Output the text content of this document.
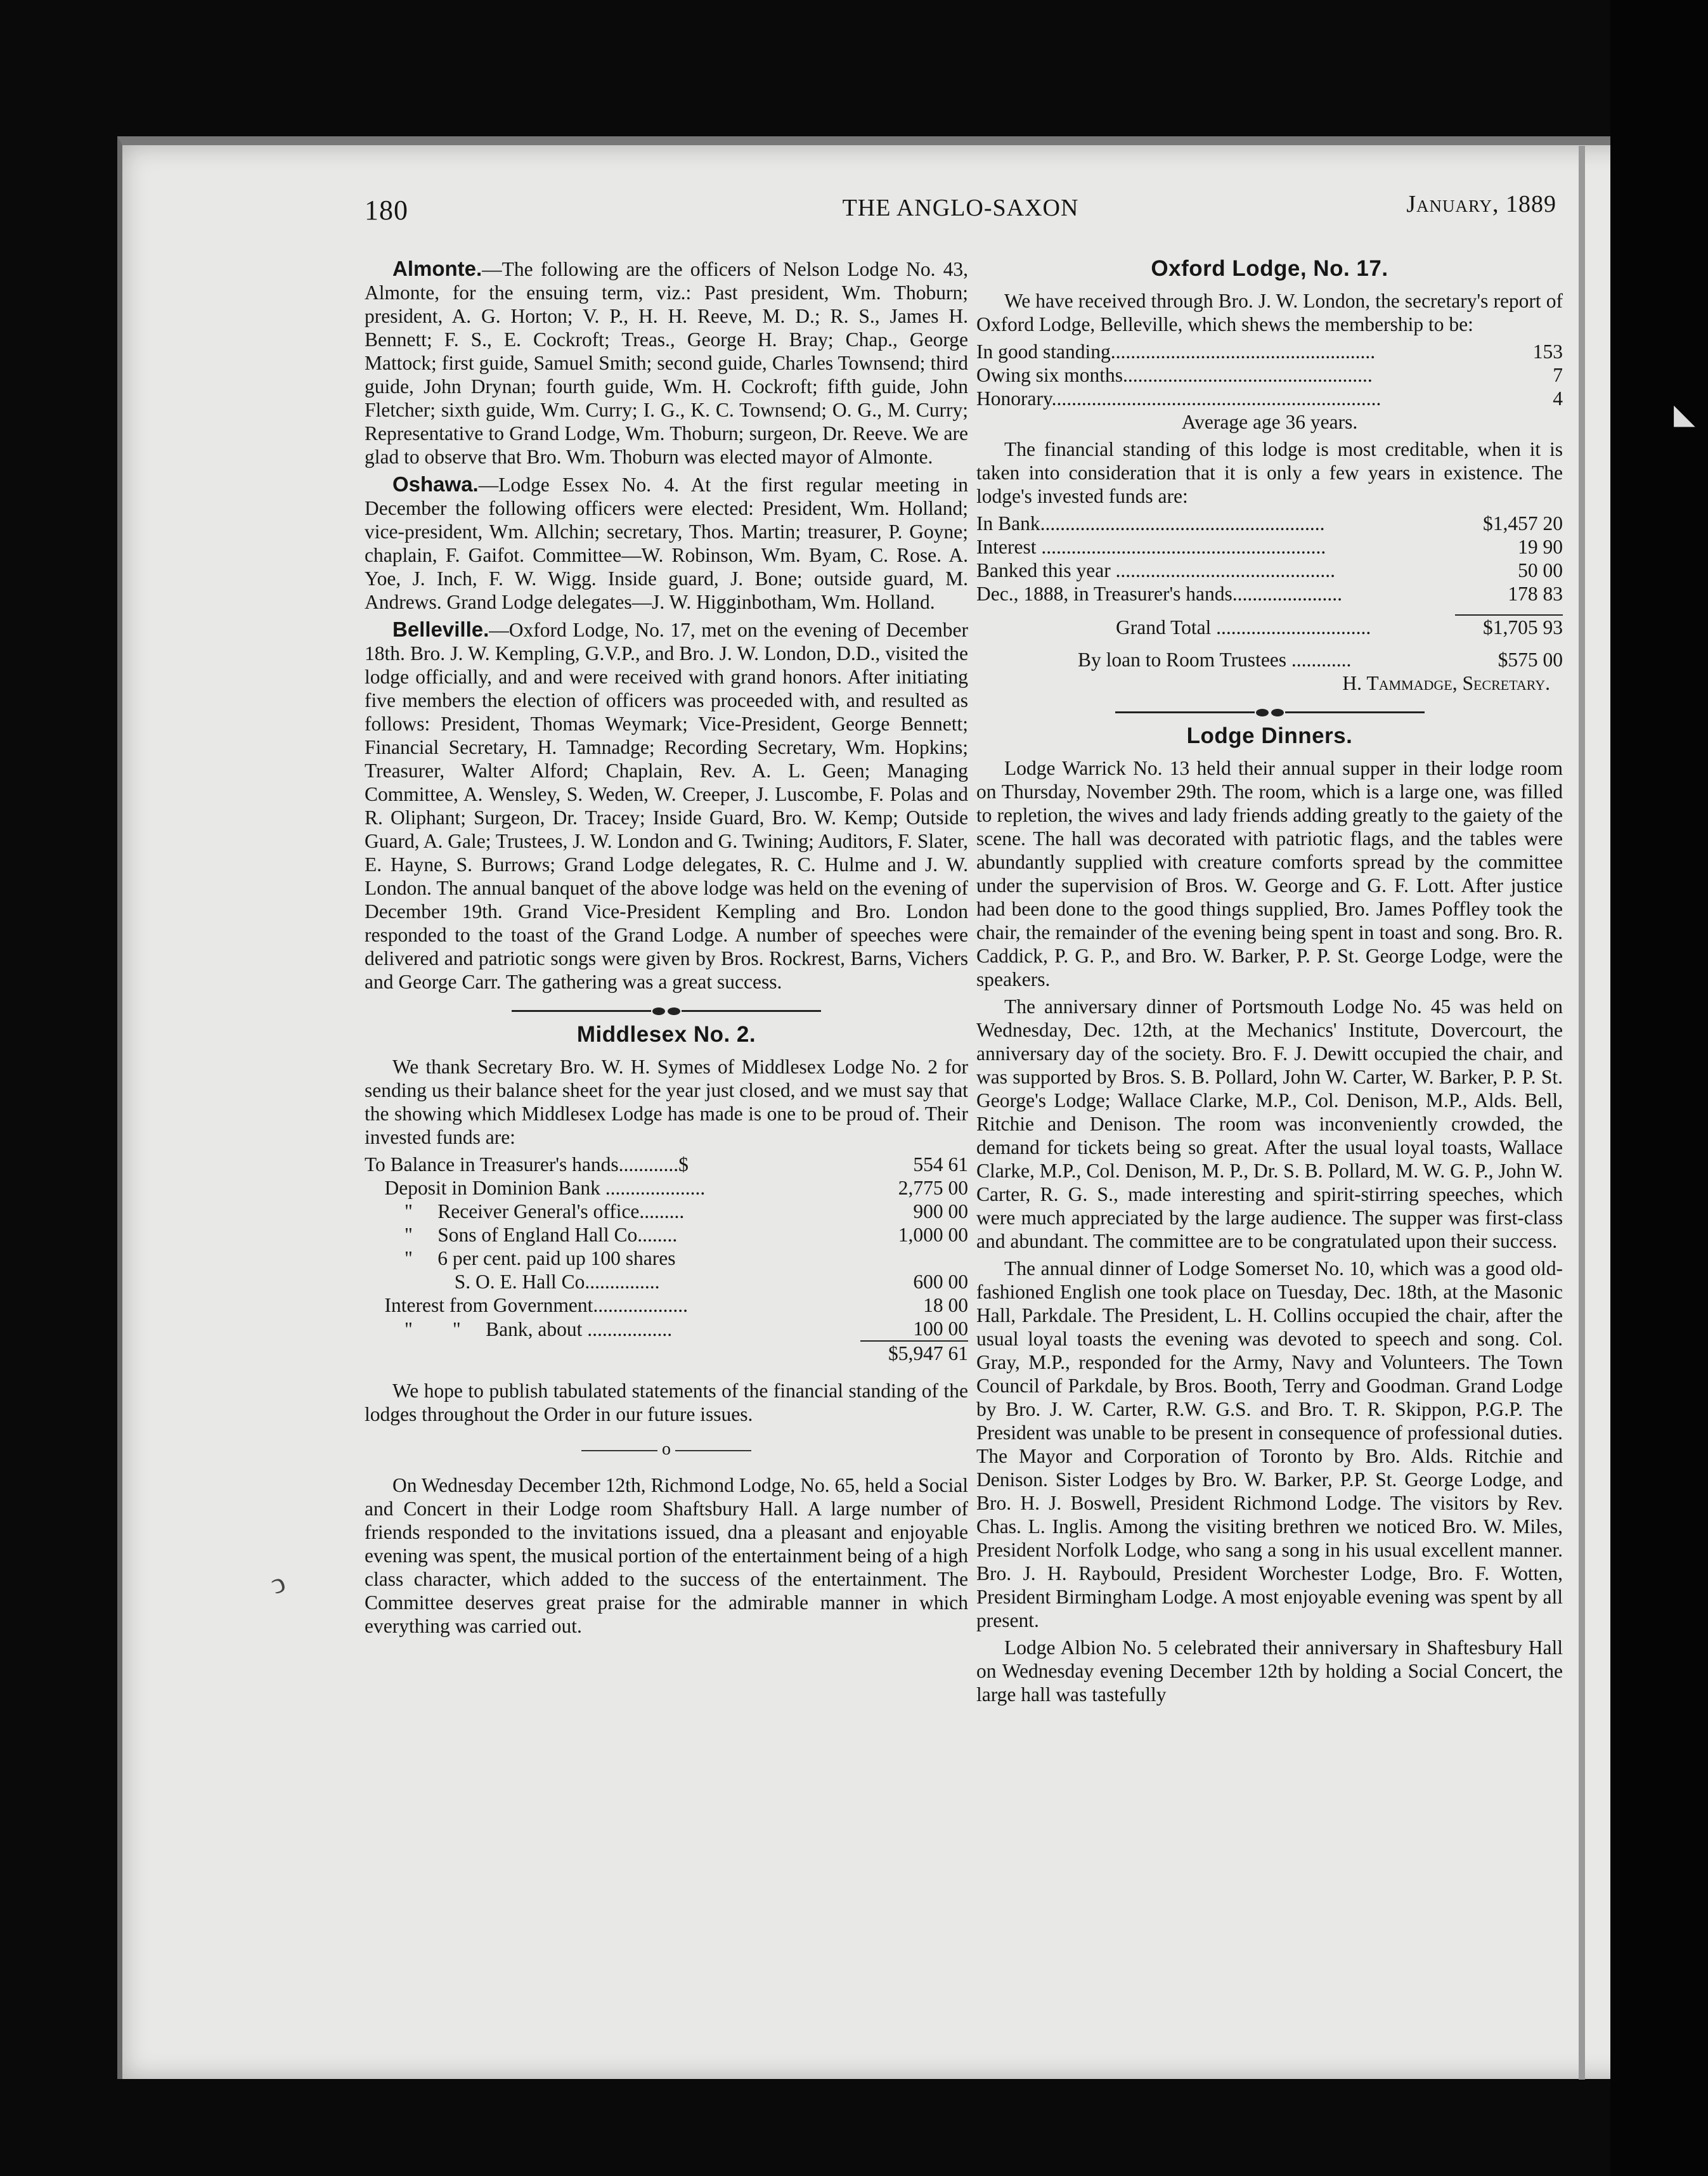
◣
180	THE ANGLO-SAXON	January, 1889

Almonte.—The following are the officers of Nelson Lodge No. 43, Almonte, for the ensuing term, viz.: Past president, Wm. Thoburn; president, A. G. Horton; V. P., H. H. Reeve, M. D.; R. S., James H. Bennett; F. S., E. Cockroft; Treas., George H. Bray; Chap., George Mattock; first guide, Samuel Smith; second guide, Charles Townsend; third guide, John Drynan; fourth guide, Wm. H. Cockroft; fifth guide, John Fletcher; sixth guide, Wm. Curry; I. G., K. C. Townsend; O. G., M. Curry; Representative to Grand Lodge, Wm. Thoburn; surgeon, Dr. Reeve. We are glad to observe that Bro. Wm. Thoburn was elected mayor of Almonte.

Oshawa.—Lodge Essex No. 4. At the first regular meeting in December the following officers were elected: President, Wm. Holland; vice-president, Wm. Allchin; secretary, Thos. Martin; treasurer, P. Goyne; chaplain, F. Gaifot. Committee—W. Robinson, Wm. Byam, C. Rose. A. Yoe, J. Inch, F. W. Wigg. Inside guard, J. Bone; outside guard, M. Andrews. Grand Lodge delegates—J. W. Higginbotham, Wm. Holland.

Belleville.—Oxford Lodge, No. 17, met on the evening of December 18th. Bro. J. W. Kempling, G.V.P., and Bro. J. W. London, D.D., visited the lodge officially, and and were received with grand honors. After initiating five members the election of officers was proceeded with, and resulted as follows: President, Thomas Weymark; Vice-President, George Bennett; Financial Secretary, H. Tamnadge; Recording Secretary, Wm. Hopkins; Treasurer, Walter Alford; Chaplain, Rev. A. L. Geen; Managing Committee, A. Wensley, S. Weden, W. Creeper, J. Luscombe, F. Polas and R. Oliphant; Surgeon, Dr. Tracey; Inside Guard, Bro. W. Kemp; Outside Guard, A. Gale; Trustees, J. W. London and G. Twining; Auditors, F. Slater, E. Hayne, S. Burrows; Grand Lodge delegates, R. C. Hulme and J. W. London. The annual banquet of the above lodge was held on the evening of December 19th. Grand Vice-President Kempling and Bro. London responded to the toast of the Grand Lodge. A number of speeches were delivered and patriotic songs were given by Bros. Rockrest, Barns, Vichers and George Carr. The gathering was a great success.

Middlesex No. 2.

We thank Secretary Bro. W. H. Symes of Middlesex Lodge No. 2 for sending us their balance sheet for the year just closed, and we must say that the showing which Middlesex Lodge has made is one to be proud of. Their invested funds are:

To Balance in Treasurer's hands............$	554 61
Deposit in Dominion Bank ....................	2,775 00
"     Receiver General's office.........	900 00
"     Sons of England Hall Co........	1,000 00
"     6 per cent. paid up 100 shares	
S. O. E. Hall Co...............	600 00
Interest from Government...................	18 00
"        "     Bank, about .................	100 00
	$5,947 61

We hope to publish tabulated statements of the financial standing of the lodges throughout the Order in our future issues.

o

On Wednesday December 12th, Richmond Lodge, No. 65, held a Social and Concert in their Lodge room Shaftsbury Hall. A large number of friends responded to the invitations issued, dna a pleasant and enjoyable evening was spent, the musical portion of the entertainment being of a high class character, which added to the success of the entertainment. The Committee deserves great praise for the admirable manner in which everything was carried out.

Oxford Lodge, No. 17.

We have received through Bro. J. W. London, the secretary's report of Oxford Lodge, Belleville, which shews the membership to be:

In good standing.....................................................	153
Owing six months..................................................	7
Honorary..................................................................	4

Average age 36 years.

The financial standing of this lodge is most creditable, when it is taken into consideration that it is only a few years in existence. The lodge's invested funds are:

In Bank.........................................................	$1,457 20
Interest .........................................................	19 90
Banked this year ............................................	50 00
Dec., 1888, in Treasurer's hands......................	178 83

Grand Total ...............................	$1,705 93

By loan to Room Trustees ............	$575 00

H. Tammadge, Secretary.

Lodge Dinners.

Lodge Warrick No. 13 held their annual supper in their lodge room on Thursday, November 29th. The room, which is a large one, was filled to repletion, the wives and lady friends adding greatly to the gaiety of the scene. The hall was decorated with patriotic flags, and the tables were abundantly supplied with creature comforts spread by the committee under the supervision of Bros. W. George and G. F. Lott. After justice had been done to the good things supplied, Bro. James Poffley took the chair, the remainder of the evening being spent in toast and song. Bro. R. Caddick, P. G. P., and Bro. W. Barker, P. P. St. George Lodge, were the speakers.

The anniversary dinner of Portsmouth Lodge No. 45 was held on Wednesday, Dec. 12th, at the Mechanics' Institute, Dovercourt, the anniversary day of the society. Bro. F. J. Dewitt occupied the chair, and was supported by Bros. S. B. Pollard, John W. Carter, W. Barker, P. P. St. George's Lodge; Wallace Clarke, M.P., Col. Denison, M.P., Alds. Bell, Ritchie and Denison. The room was inconveniently crowded, the demand for tickets being so great. After the usual loyal toasts, Wallace Clarke, M.P., Col. Denison, M. P., Dr. S. B. Pollard, M. W. G. P., John W. Carter, R. G. S., made interesting and spirit-stirring speeches, which were much appreciated by the large audience. The supper was first-class and abundant. The committee are to be congratulated upon their success.

The annual dinner of Lodge Somerset No. 10, which was a good old-fashioned English one took place on Tuesday, Dec. 18th, at the Masonic Hall, Parkdale. The President, L. H. Collins occupied the chair, after the usual loyal toasts the evening was devoted to speech and song. Col. Gray, M.P., responded for the Army, Navy and Volunteers. The Town Council of Parkdale, by Bros. Booth, Terry and Goodman. Grand Lodge by Bro. J. W. Carter, R.W. G.S. and Bro. T. R. Skippon, P.G.P. The President was unable to be present in consequence of professional duties. The Mayor and Corporation of Toronto by Bro. Alds. Ritchie and Denison. Sister Lodges by Bro. W. Barker, P.P. St. George Lodge, and Bro. H. J. Boswell, President Richmond Lodge. The visitors by Rev. Chas. L. Inglis. Among the visiting brethren we noticed Bro. W. Miles, President Norfolk Lodge, who sang a song in his usual excellent manner. Bro. J. H. Raybould, President Worchester Lodge, Bro. F. Wotten, President Birmingham Lodge. A most enjoyable evening was spent by all present.

Lodge Albion No. 5 celebrated their anniversary in Shaftesbury Hall on Wednesday evening December 12th by holding a Social Concert, the large hall was tastefully

ↄ
